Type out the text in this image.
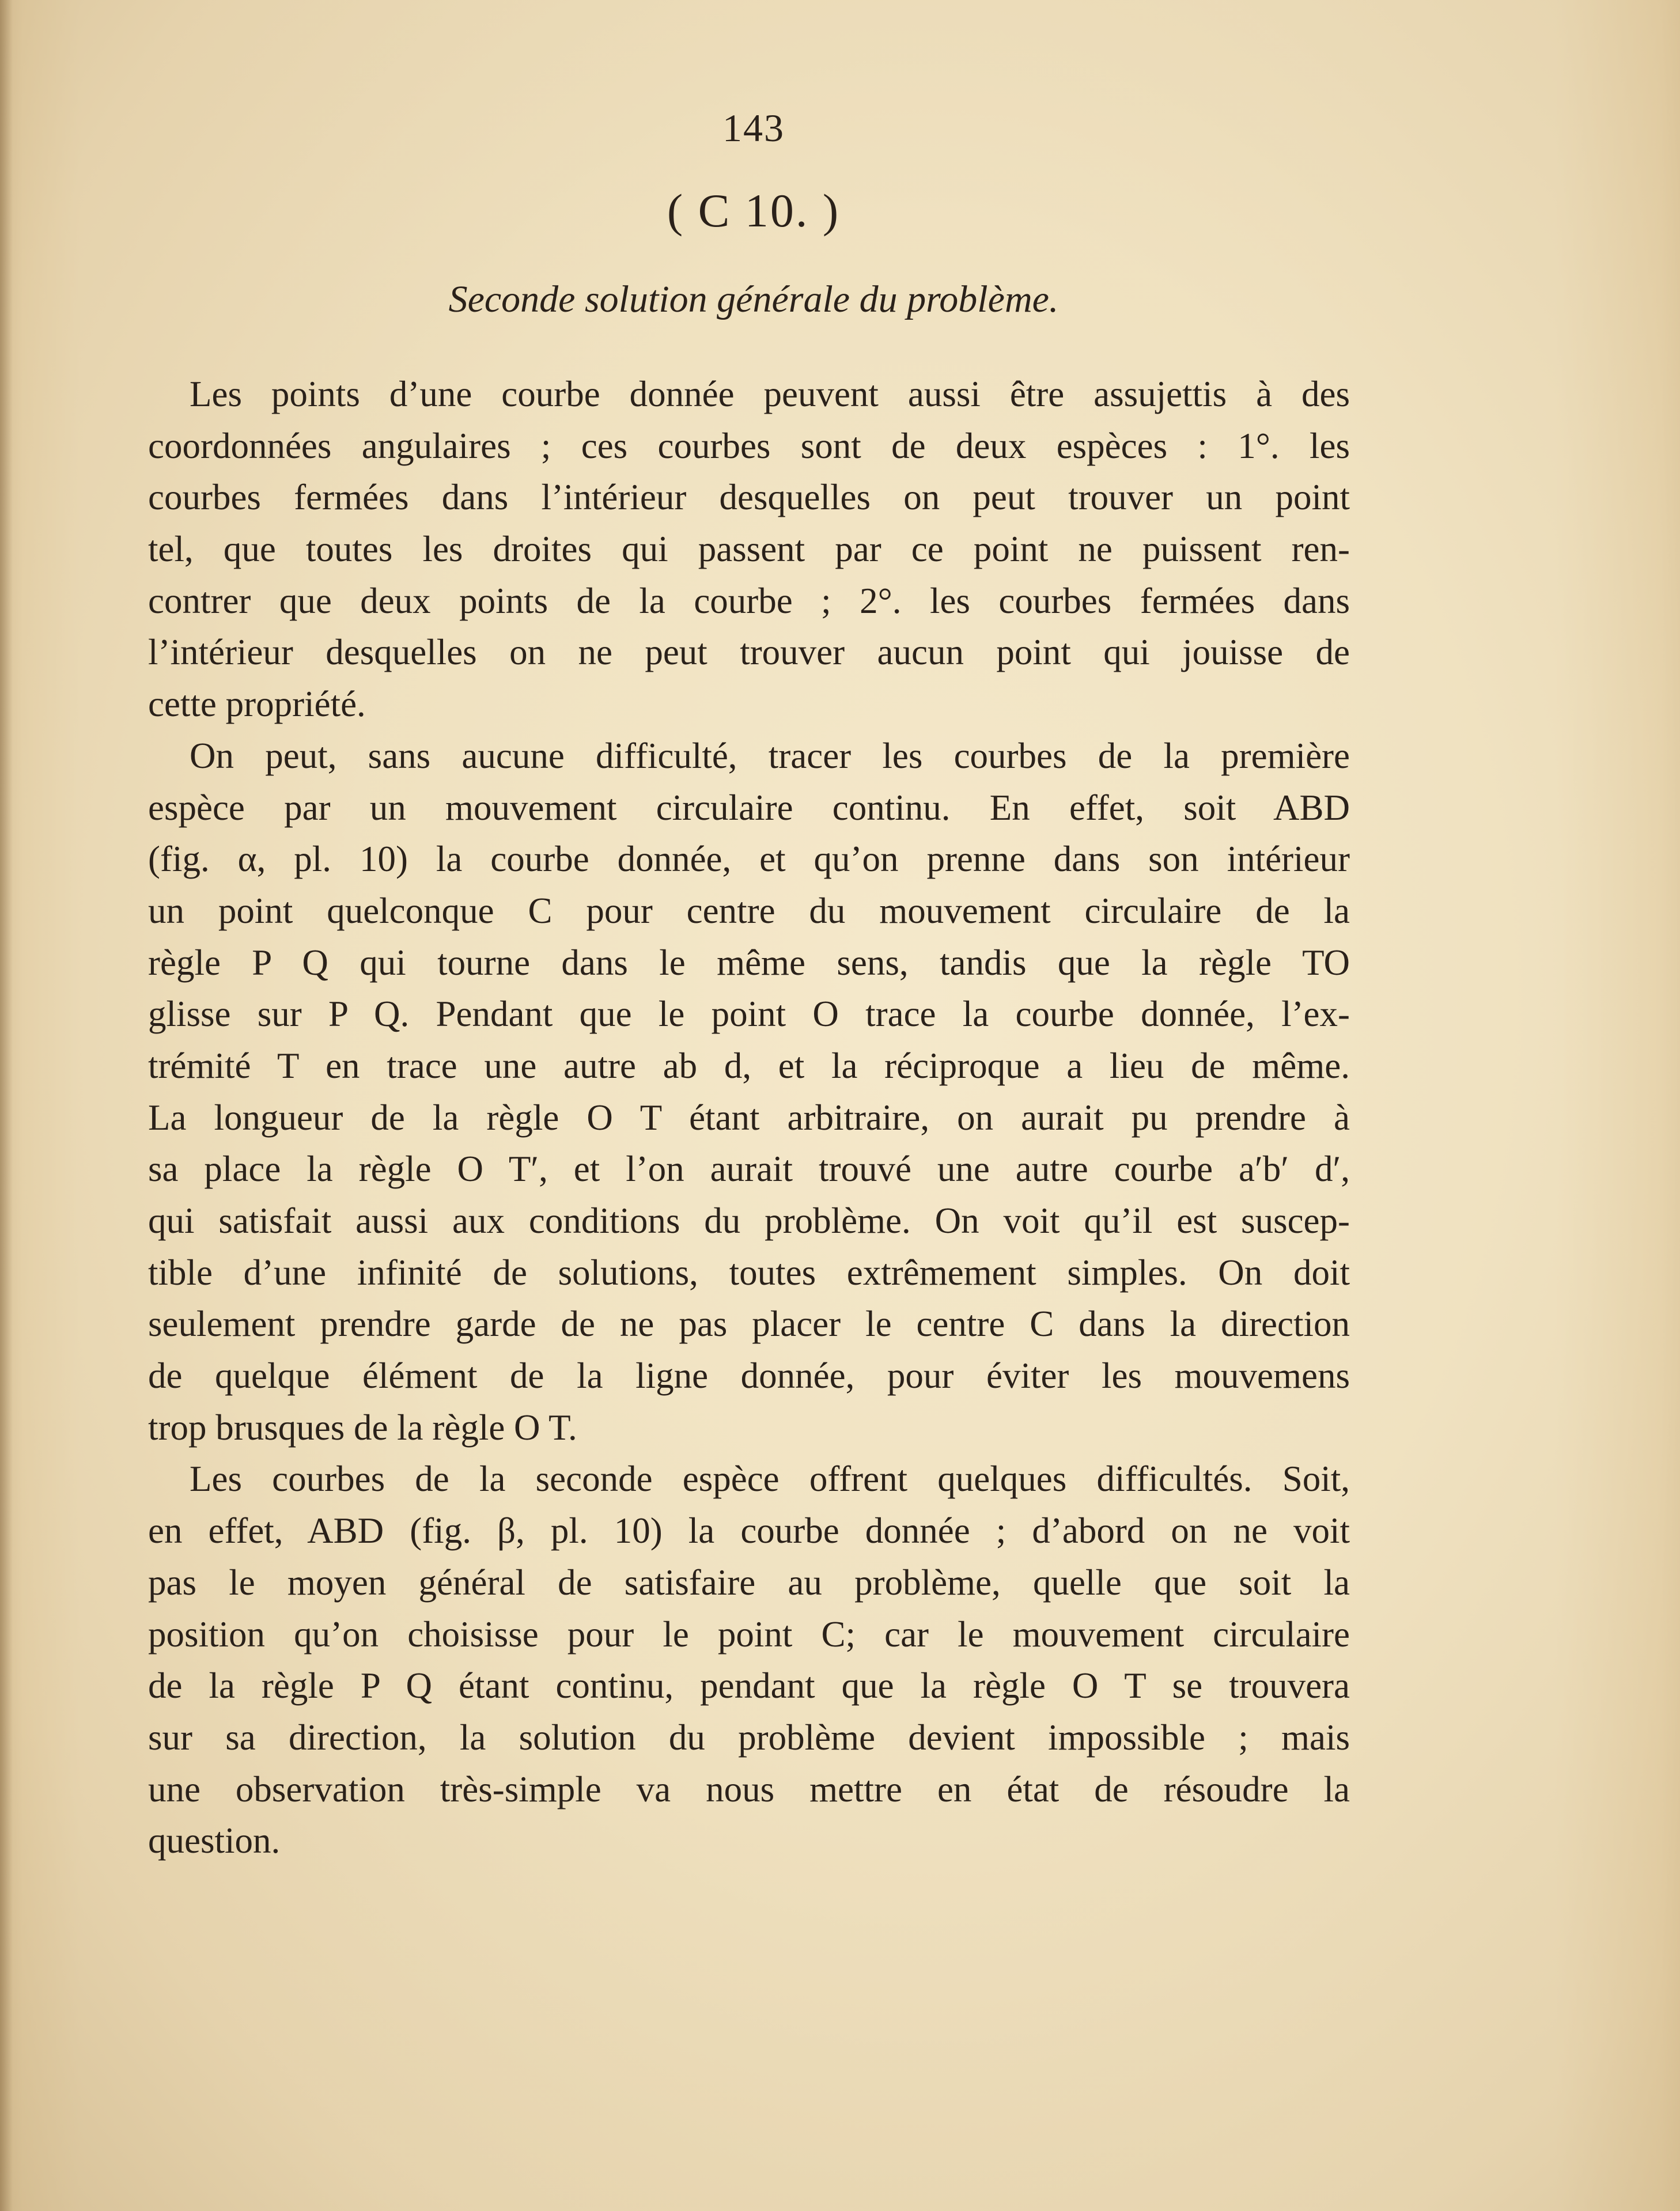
143
( C 10. )
Seconde solution générale du problème.
Les points d’une courbe donnée peuvent aussi être assujettis à des
coordonnées angulaires ; ces courbes sont de deux espèces : 1°. les
courbes fermées dans l’intérieur desquelles on peut trouver un point
tel, que toutes les droites qui passent par ce point ne puissent ren-
contrer que deux points de la courbe ; 2°. les courbes fermées dans
l’intérieur desquelles on ne peut trouver aucun point qui jouisse de
cette propriété.
On peut, sans aucune difficulté, tracer les courbes de la première
espèce par un mouvement circulaire continu. En effet, soit ABD
(fig. α, pl. 10) la courbe donnée, et qu’on prenne dans son intérieur
un point quelconque C pour centre du mouvement circulaire de la
règle P Q qui tourne dans le même sens, tandis que la règle TO
glisse sur P Q. Pendant que le point O trace la courbe donnée, l’ex-
trémité T en trace une autre ab d, et la réciproque a lieu de même.
La longueur de la règle O T étant arbitraire, on aurait pu prendre à
sa place la règle O T′, et l’on aurait trouvé une autre courbe a′b′ d′,
qui satisfait aussi aux conditions du problème. On voit qu’il est suscep-
tible d’une infinité de solutions, toutes extrêmement simples. On doit
seulement prendre garde de ne pas placer le centre C dans la direction
de quelque élément de la ligne donnée, pour éviter les mouvemens
trop brusques de la règle O T.
Les courbes de la seconde espèce offrent quelques difficultés. Soit,
en effet, ABD (fig. β, pl. 10) la courbe donnée ; d’abord on ne voit
pas le moyen général de satisfaire au problème, quelle que soit la
position qu’on choisisse pour le point C; car le mouvement circulaire
de la règle P Q étant continu, pendant que la règle O T se trouvera
sur sa direction, la solution du problème devient impossible ; mais
une observation très-simple va nous mettre en état de résoudre la
question.
